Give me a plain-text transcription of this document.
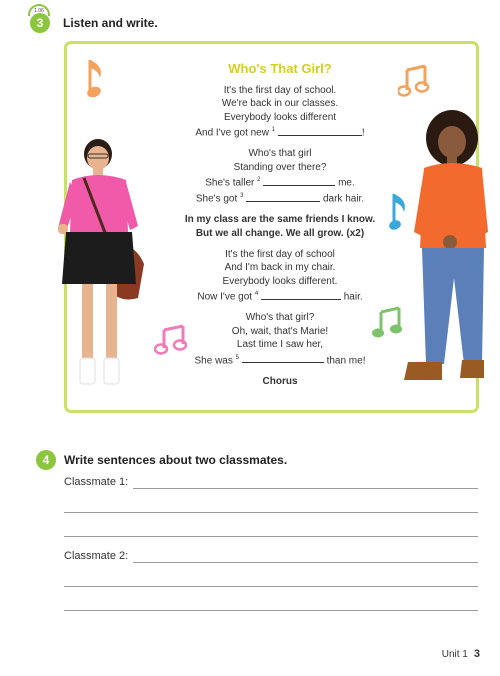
3
1.06
Listen and write.
Who's That Girl?
It's the first day of school.
We're back in our classes.
Everybody looks different
And I've got new $^1$	!
Who's that girl
Standing over there?
She's taller $^2$	me.
She's got $^3$	dark hair.
In my class are the same friends I know.
But we all change. We all grow. (x2)
It's the first day of school
And I'm back in my chair.
Everybody looks different.
Now I've got $^4$	hair.
Who's that girl?
Oh, wait, that's Marie!
Last time I saw her,
She was $^5$	than me!
Chorus
4	Write sentences about two classmates.
Classmate 1:
Classmate 2:
Unit 1 3
